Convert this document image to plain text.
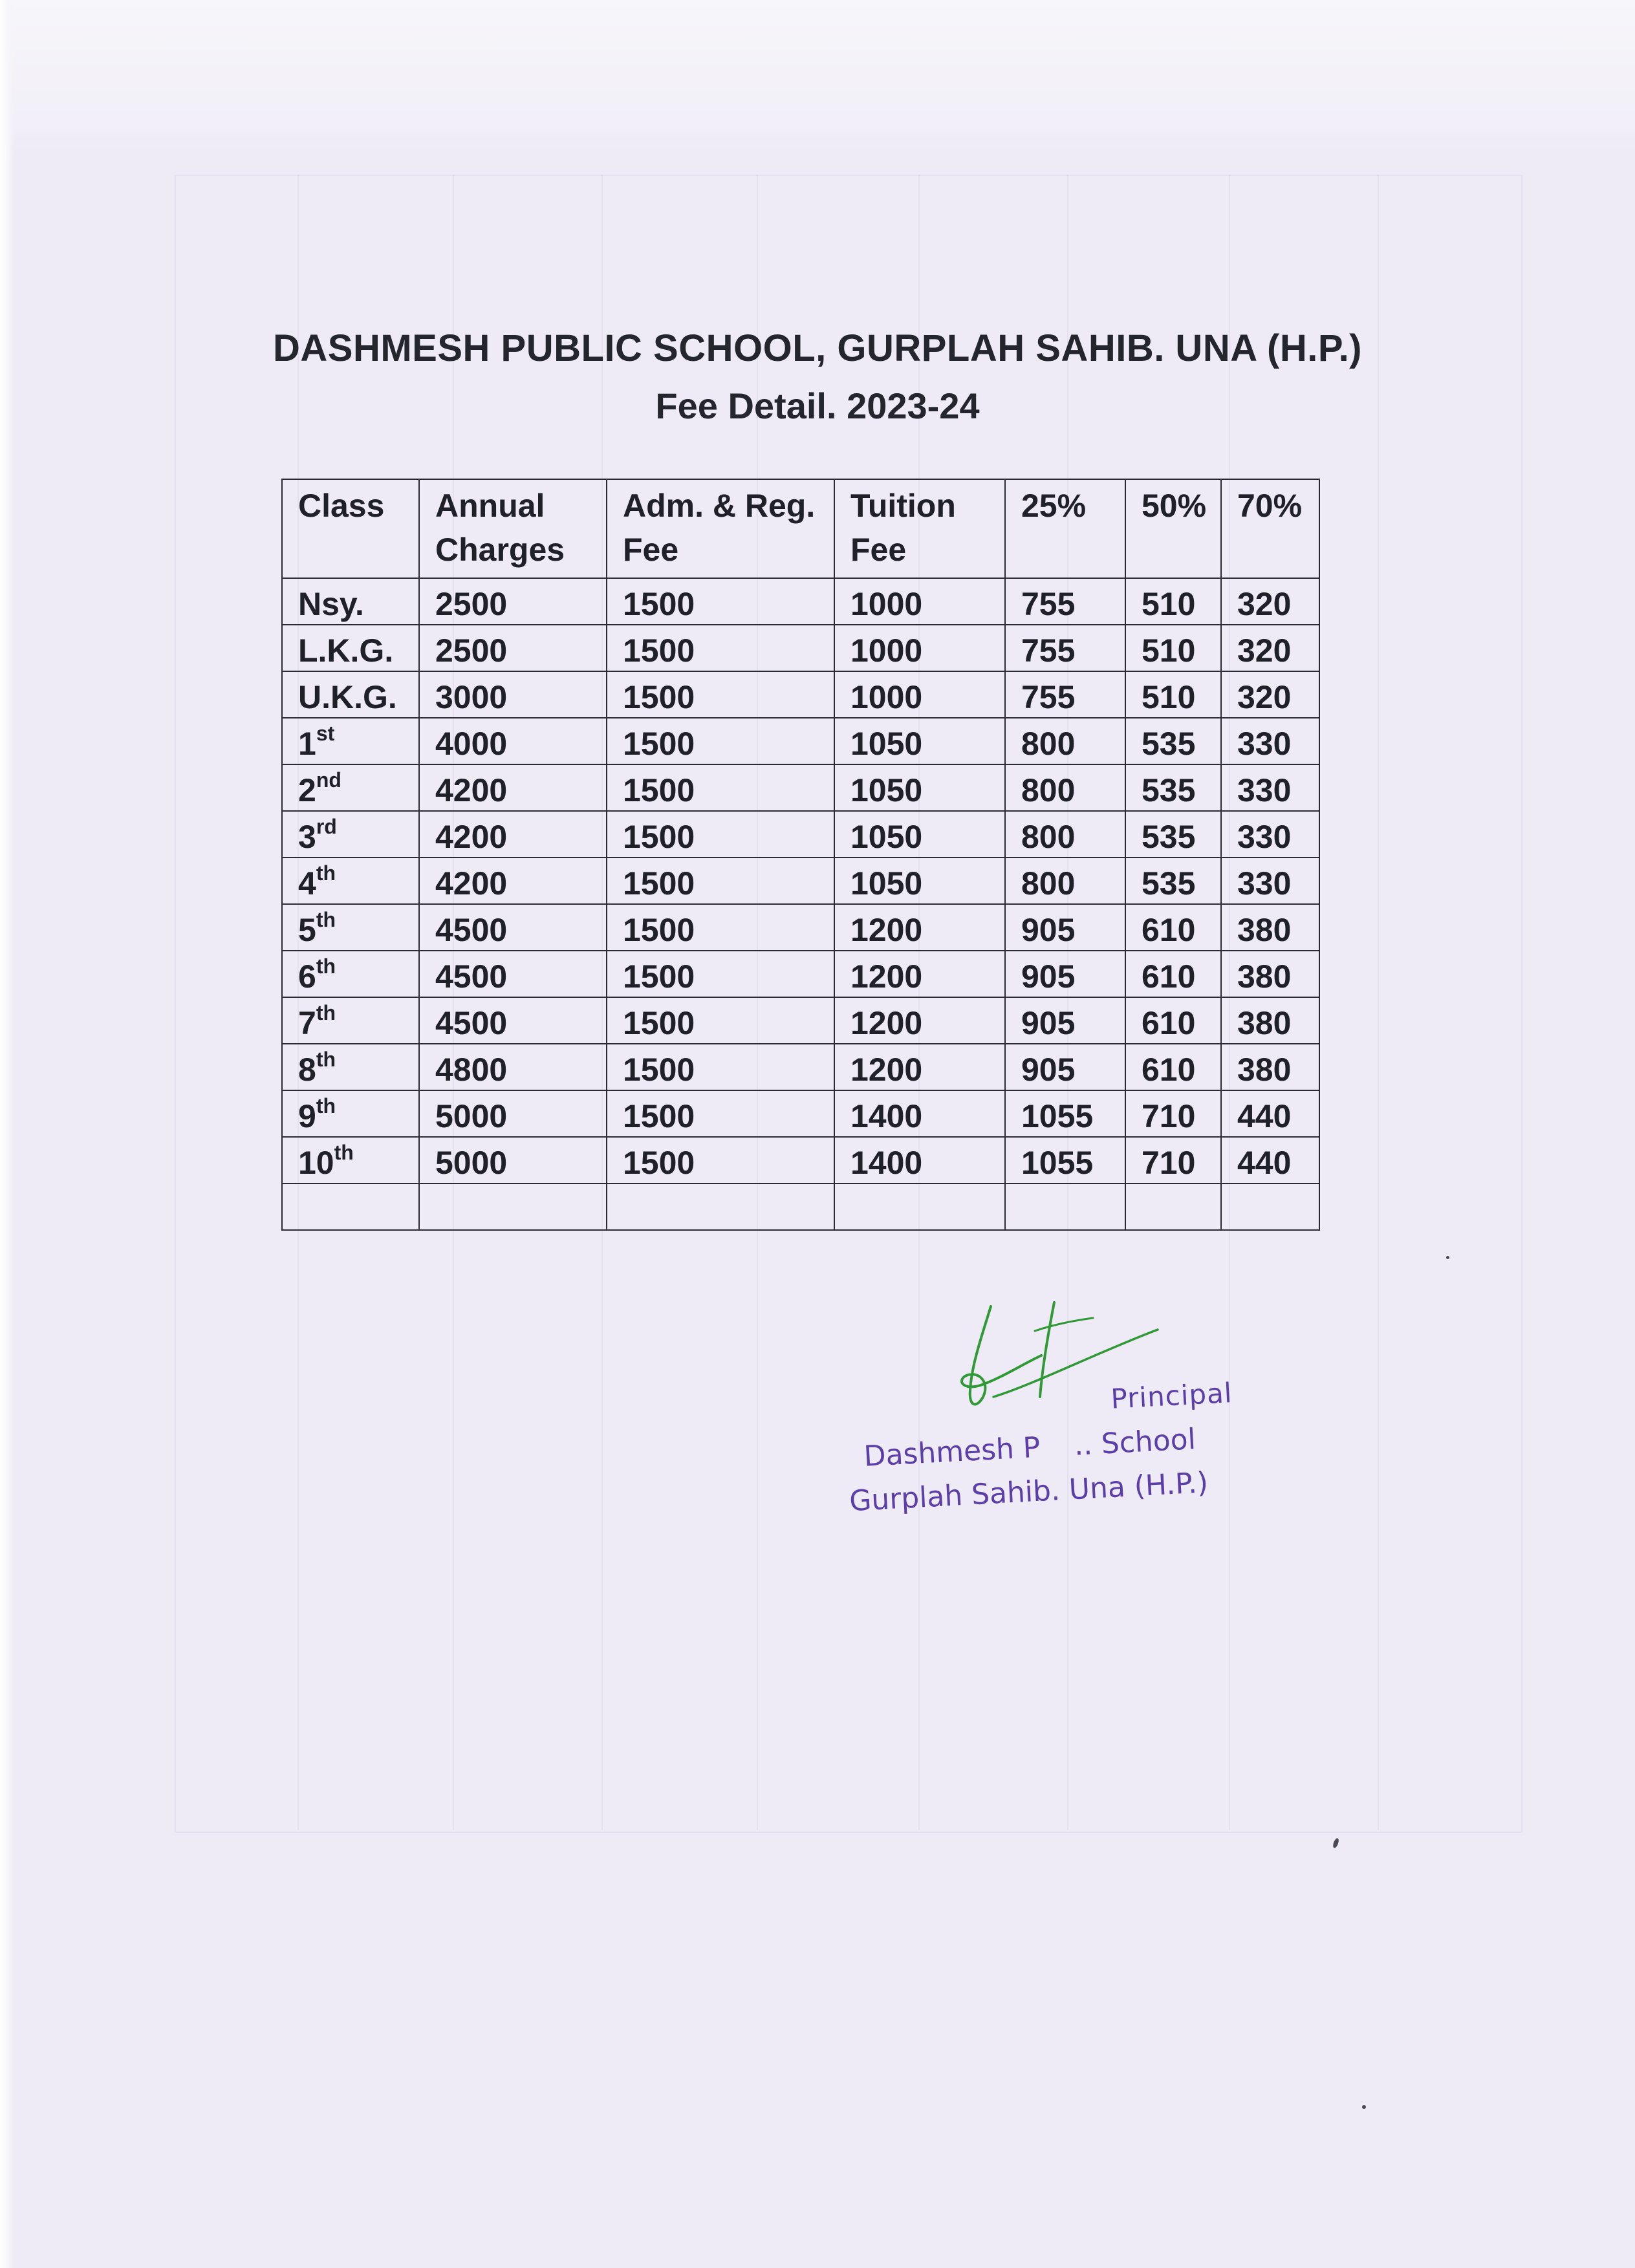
DASHMESH PUBLIC SCHOOL, GURPLAH SAHIB. UNA (H.P.)
Fee Detail. 2023-24
Class	Annual Charges	Adm. & Reg. Fee	Tuition Fee	25%	50%	70%
Nsy.	2500	1500	1000	755	510	320
L.K.G.	2500	1500	1000	755	510	320
U.K.G.	3000	1500	1000	755	510	320
1st	4000	1500	1050	800	535	330
2nd	4200	1500	1050	800	535	330
3rd	4200	1500	1050	800	535	330
4th	4200	1500	1050	800	535	330
5th	4500	1500	1200	905	610	380
6th	4500	1500	1200	905	610	380
7th	4500	1500	1200	905	610	380
8th	4800	1500	1200	905	610	380
9th	5000	1500	1400	1055	710	440
10th	5000	1500	1400	1055	710	440

Principal
Dashmesh P      .. School
Gurplah Sahib. Una (H.P.)
